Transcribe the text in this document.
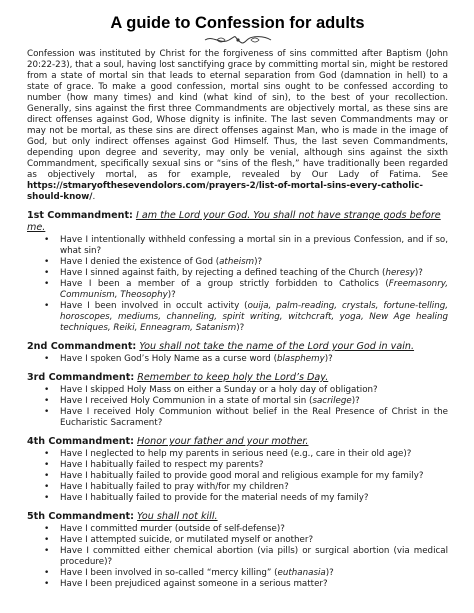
A guide to Confession for adults

Confession was instituted by Christ for the forgiveness of sins committed after Baptism (John 20:22-23), that a soul, having lost sanctifying grace by committing mortal sin, might be restored from a state of mortal sin that leads to eternal separation from God (damnation in hell) to a state of grace. To make a good confession, mortal sins ought to be confessed according to number (how many times) and kind (what kind of sin), to the best of your recollection. Generally, sins against the first three Commandments are objectively mortal, as these sins are direct offenses against God, Whose dignity is infinite. The last seven Commandments may or may not be mortal, as these sins are direct offenses against Man, who is made in the image of God, but only indirect offenses against God Himself. Thus, the last seven Commandments, depending upon degree and severity, may only be venial, although sins against the sixth Commandment, specifically sexual sins or “sins of the flesh,” have traditionally been regarded as objectively mortal, as for example, revealed by Our Lady of Fatima. See https://stmaryofthesevendolors.com/prayers-2/list-of-mortal-sins-every-catholic-should-know/.

1st Commandment: I am the Lord your God. You shall not have strange gods before me.
• Have I intentionally withheld confessing a mortal sin in a previous Confession, and if so, what sin?
• Have I denied the existence of God (atheism)?
• Have I sinned against faith, by rejecting a defined teaching of the Church (heresy)?
• Have I been a member of a group strictly forbidden to Catholics (Freemasonry, Communism, Theosophy)?
• Have I been involved in occult activity (ouija, palm-reading, crystals, fortune-telling, horoscopes, mediums, channeling, spirit writing, witchcraft, yoga, New Age healing techniques, Reiki, Enneagram, Satanism)?
2nd Commandment: You shall not take the name of the Lord your God in vain.
• Have I spoken God’s Holy Name as a curse word (blasphemy)?
3rd Commandment: Remember to keep holy the Lord’s Day.
• Have I skipped Holy Mass on either a Sunday or a holy day of obligation?
• Have I received Holy Communion in a state of mortal sin (sacrilege)?
• Have I received Holy Communion without belief in the Real Presence of Christ in the Eucharistic Sacrament?
4th Commandment: Honor your father and your mother.
• Have I neglected to help my parents in serious need (e.g., care in their old age)?
• Have I habitually failed to respect my parents?
• Have I habitually failed to provide good moral and religious example for my family?
• Have I habitually failed to pray with/for my children?
• Have I habitually failed to provide for the material needs of my family?
5th Commandment: You shall not kill.
• Have I committed murder (outside of self-defense)?
• Have I attempted suicide, or mutilated myself or another?
• Have I committed either chemical abortion (via pills) or surgical abortion (via medical procedure)?
• Have I been involved in so-called “mercy killing” (euthanasia)?
• Have I been prejudiced against someone in a serious matter?
